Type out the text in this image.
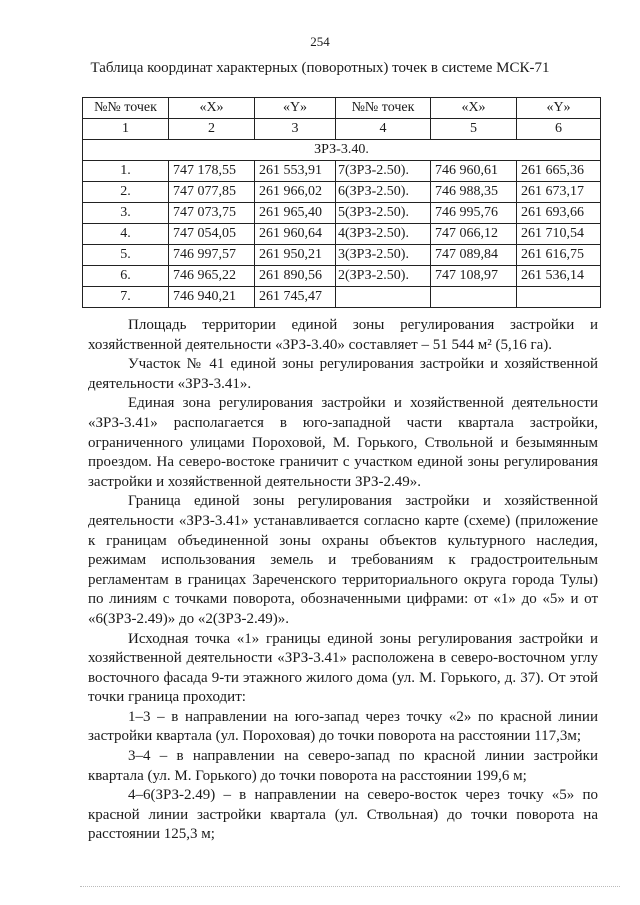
254
Таблица координат характерных (поворотных) точек в системе МСК-71
№№ точек	«X»	«Y»	№№ точек	«X»	«Y»
1	2	3	4	5	6
ЗРЗ-3.40.					
1.	747 178,55	261 553,91	7(ЗРЗ-2.50).	746 960,61	261 665,36
2.	747 077,85	261 966,02	6(ЗРЗ-2.50).	746 988,35	261 673,17
3.	747 073,75	261 965,40	5(ЗРЗ-2.50).	746 995,76	261 693,66
4.	747 054,05	261 960,64	4(ЗРЗ-2.50).	747 066,12	261 710,54
5.	746 997,57	261 950,21	3(ЗРЗ-2.50).	747 089,84	261 616,75
6.	746 965,22	261 890,56	2(ЗРЗ-2.50).	747 108,97	261 536,14
7.	746 940,21	261 745,47			

Площадь территории единой зоны регулирования застройки и хозяйственной деятельности «ЗРЗ-3.40» составляет – 51 544 м² (5,16 га).

Участок № 41 единой зоны регулирования застройки и хозяйственной деятельности «ЗРЗ-3.41».

Единая зона регулирования застройки и хозяйственной деятельности «ЗРЗ-3.41» располагается в юго-западной части квартала застройки, ограниченного улицами Пороховой, М. Горького, Ствольной и безымянным проездом. На северо-востоке граничит с участком единой зоны регулирования застройки и хозяйственной деятельности ЗРЗ-2.49».

Граница единой зоны регулирования застройки и хозяйственной деятельности «ЗРЗ-3.41» устанавливается согласно карте (схеме) (приложение к границам объединенной зоны охраны объектов культурного наследия, режимам использования земель и требованиям к градостроительным регламентам в границах Зареченского территориального округа города Тулы) по линиям с точками поворота, обозначенными цифрами: от «1» до «5» и от «6(ЗРЗ-2.49)» до «2(ЗРЗ-2.49)».

Исходная точка «1» границы единой зоны регулирования застройки и хозяйственной деятельности «ЗРЗ-3.41» расположена в северо-восточном углу восточного фасада 9-ти этажного жилого дома (ул. М. Горького, д. 37). От этой точки граница проходит:

1–3 – в направлении на юго-запад через точку «2» по красной линии застройки квартала (ул. Пороховая) до точки поворота на расстоянии 117,3м;

3–4 – в направлении на северо-запад по красной линии застройки квартала (ул. М. Горького) до точки поворота на расстоянии 199,6 м;

4–6(ЗРЗ-2.49) – в направлении на северо-восток через точку «5» по красной линии застройки квартала (ул. Ствольная) до точки поворота на расстоянии 125,3 м;
